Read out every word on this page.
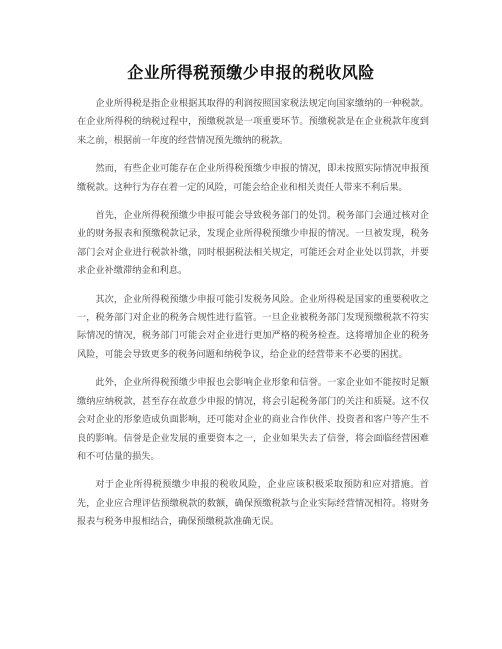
企业所得税预缴少申报的税收风险

企业所得税是指企业根据其取得的利润按照国家税法规定向国家缴纳的一种税款。在企业所得税的纳税过程中，预缴税款是一项重要环节。预缴税款是在企业税款年度到来之前，根据前一年度的经营情况预先缴纳的税款。

然而，有些企业可能存在企业所得税预缴少申报的情况，即未按照实际情况申报预缴税款。这种行为存在着一定的风险，可能会给企业和相关责任人带来不利后果。

首先，企业所得税预缴少申报可能会导致税务部门的处罚。税务部门会通过核对企业的财务报表和预缴税款记录，发现企业所得税预缴少申报的情况。一旦被发现，税务部门会对企业进行税款补缴，同时根据税法相关规定，可能还会对企业处以罚款，并要求企业补缴滞纳金和利息。

其次，企业所得税预缴少申报可能引发税务风险。企业所得税是国家的重要税收之一，税务部门对企业的税务合规性进行监管。一旦企业被税务部门发现预缴税款不符实际情况的情况，税务部门可能会对企业进行更加严格的税务检查。这将增加企业的税务风险，可能会导致更多的税务问题和纳税争议，给企业的经营带来不必要的困扰。

此外，企业所得税预缴少申报也会影响企业形象和信誉。一家企业如不能按时足额缴纳应纳税款，甚至存在故意少申报的情况，将会引起税务部门的关注和质疑。这不仅会对企业的形象造成负面影响，还可能对企业的商业合作伙伴、投资者和客户等产生不良的影响。信誉是企业发展的重要资本之一，企业如果失去了信誉，将会面临经营困难和不可估量的损失。

对于企业所得税预缴少申报的税收风险，企业应该积极采取预防和应对措施。首先，企业应合理评估预缴税款的数额，确保预缴税款与企业实际经营情况相符。将财务报表与税务申报相结合，确保预缴税款准确无误。
